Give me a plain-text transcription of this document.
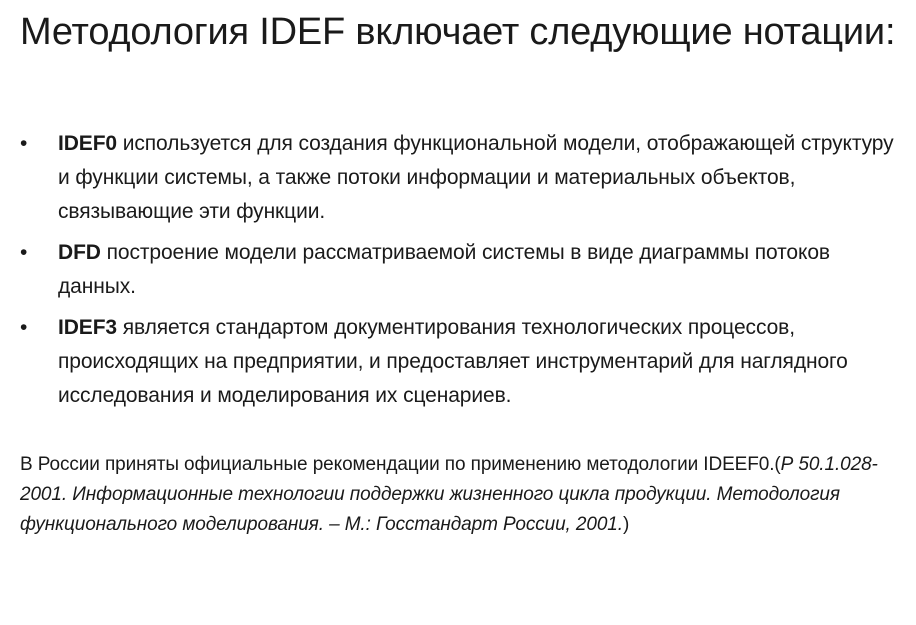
Методология IDEF включает следующие нотации:
•	IDEF0 используется для создания функциональной модели, отображающей структуру и функции системы, а также потоки информации и материальных объектов, связывающие эти функции.
•	DFD построение модели рассматриваемой системы в виде диаграммы потоков данных.
•	IDEF3 является стандартом документирования технологических процессов, происходящих на предприятии, и предоставляет инструментарий для наглядного исследования и моделирования их сценариев.

В России приняты официальные рекомендации по применению методологии IDEEF0.(Р 50.1.028-2001. Информационные технологии поддержки жизненного цикла продукции. Методология функционального моделирования. – М.: Госстандарт России, 2001.)
